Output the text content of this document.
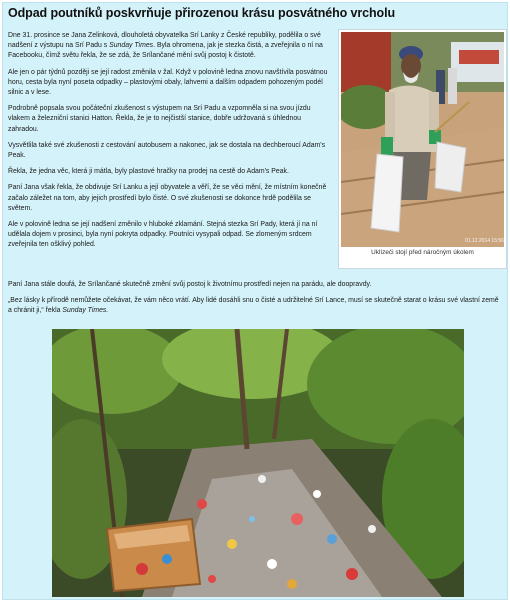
Odpad poutníků poskvrňuje přirozenou krásu posvátného vrcholu

Dne 31. prosince se Jana Zelinková, dlouholetá obyvatelka Srí Lanky z České republiky, podělila o své nadšení z výstupu na Srí Padu s Sunday Times. Byla ohromena, jak je stezka čistá, a zveřejnila o ní na Facebooku, čímž světu řekla, že se zdá, že Srílančané mění svůj postoj k čistotě.

Ale jen o pár týdnů později se její radost změnila v žal. Když v polovině ledna znovu navštívila posvátnou horu, cesta byla nyní poseta odpadky – plastovými obaly, lahvemi a dalším odpadem pohozeným podél silnic a v lese.

Podrobně popsala svou počáteční zkušenost s výstupem na Srí Padu a vzpomněla si na svou jízdu vlakem a železniční stanici Hatton. Řekla, že je to nejčistší stanice, dobře udržovaná s úhlednou zahradou.

Vysvětlila také své zkušenosti z cestování autobusem a nakonec, jak se dostala na dechberoucí Adam's Peak.

Řekla, že jedna věc, která ji mátla, byly plastové hračky na prodej na cestě do Adam's Peak.

Paní Jana však řekla, že obdivuje Srí Lanku a její obyvatele a věří, že se věci mění, že místním konečně začalo záležet na tom, aby jejich prostředí bylo čisté. O své zkušenosti se dokonce hrdě podělila se světem.

Ale v polovině ledna se její nadšení změnilo v hluboké zklamání. Stejná stezka Srí Pady, která jí na ní udělala dojem v prosinci, byla nyní pokryta odpadky. Poutníci vysypali odpad. Se zlomeným srdcem zveřejnila ten ošklivý pohled.

Paní Jana stále doufá, že Srílančané skutečně změní svůj postoj k životnímu prostředí nejen na parádu, ale doopravdy.

„Bez lásky k přírodě nemůžete očekávat, že vám něco vrátí. Aby lidé dosáhli snu o čisté a udržitelné Srí Lance, musí se skutečně starat o krásu své vlastní země a chránit ji,“ řekla Sunday Times.

01.12.2014 15:56
Uklízeči stojí před náročným úkolem
